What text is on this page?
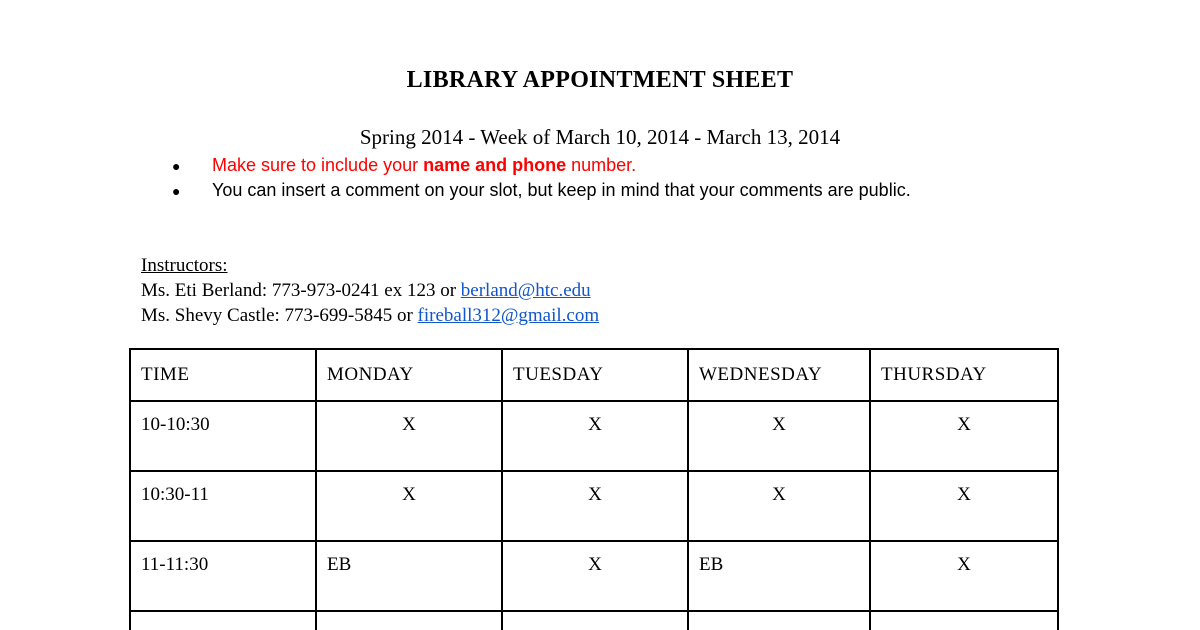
LIBRARY APPOINTMENT SHEET
Spring 2014 - Week of March 10, 2014 - March 13, 2014
● Make sure to include your name and phone number.
● You can insert a comment on your slot, but keep in mind that your comments are public.
Instructors:
Ms. Eti Berland: 773-973-0241 ex 123 or berland@htc.edu
Ms. Shevy Castle: 773-699-5845 or fireball312@gmail.com
TIME	MONDAY	TUESDAY	WEDNESDAY	THURSDAY
10-10:30	X	X	X	X
10:30-11	X	X	X	X
11-11:30	EB	X	EB	X
